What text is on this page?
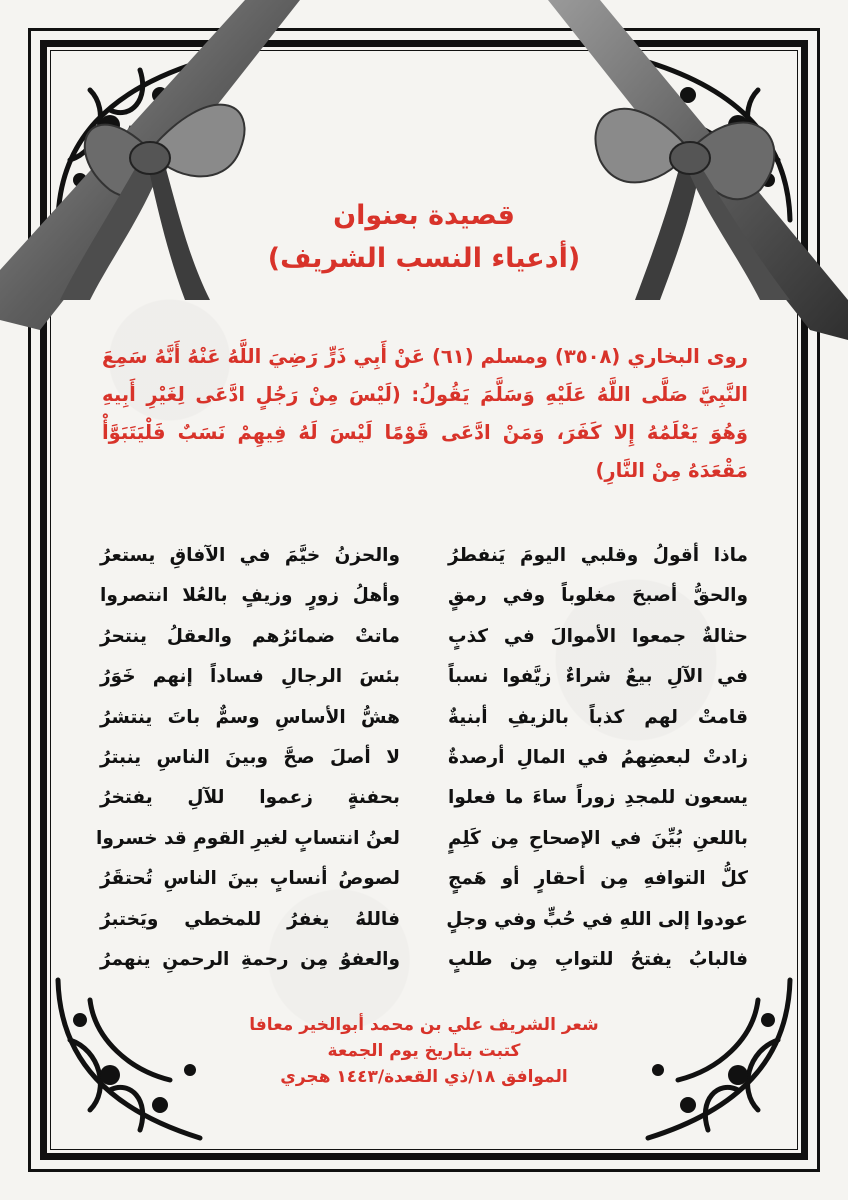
قصيدة بعنوان
(أدعياء النسب الشريف)
روى البخاري (٣٥٠٨) ومسلم (٦١) عَنْ أَبِي ذَرٍّ رَضِيَ اللَّهُ عَنْهُ أَنَّهُ سَمِعَ النَّبِيَّ صَلَّى اللَّهُ عَلَيْهِ وَسَلَّمَ يَقُولُ: (لَيْسَ مِنْ رَجُلٍ ادَّعَى لِغَيْرِ أَبِيهِ وَهُوَ يَعْلَمُهُ إِلا كَفَرَ، وَمَنْ ادَّعَى قَوْمًا لَيْسَ لَهُ فِيهِمْ نَسَبٌ فَلْيَتَبَوَّأْ مَقْعَدَهُ مِنْ النَّارِ)
ماذا أقولُ وقلبي اليومَ يَنفطرُ
والحزنُ خيَّمَ في الآفاقِ يستعرُ
والحقُّ أصبحَ مغلوباً وفي رمقٍ
وأهلُ زورٍ وزيفٍ بالعُلا انتصروا
حثالةٌ جمعوا الأموالَ في كذبٍ
ماتتْ ضمائرُهم والعقلُ ينتحرُ
في الآلِ بيعٌ شراءٌ زيَّفوا نسباً
بئسَ الرجالِ فساداً إنهم خَوَرُ
قامتْ لهم كذباً بالزيفِ أبنيةٌ
هشُّ الأساسِ وسمٌّ باتَ ينتشرُ
زادتْ لبعضِهمُ في المالِ أرصدةٌ
لا أصلَ صحَّ وبينَ الناسِ ينبترُ
يسعون للمجدِ زوراً ساءَ ما فعلوا
بحفنةٍ زعموا للآلِ يفتخرُ
باللعنِ بُيِّنَ في الإصحاحِ مِن كَلِمٍ
لعنُ انتسابٍ لغيرِ القومِ قد خسروا
كلُّ التوافهِ مِن أحقارٍ أو هَمجٍ
لصوصُ أنسابٍ بينَ الناسِ تُحتقَرُ
عودوا إلى اللهِ في حُبٍّ وفي وجلٍ
فاللهُ يغفرُ للمخطي ويَختبرُ
فالبابُ يفتحُ للتوابِ مِن طلبٍ
والعفوُ مِن رحمةِ الرحمنِ ينهمرُ
شعر الشريف علي بن محمد أبوالخير معافا
كتبت بتاريخ يوم الجمعة
الموافق ١٨/ذي القعدة/١٤٤٣ هجري
